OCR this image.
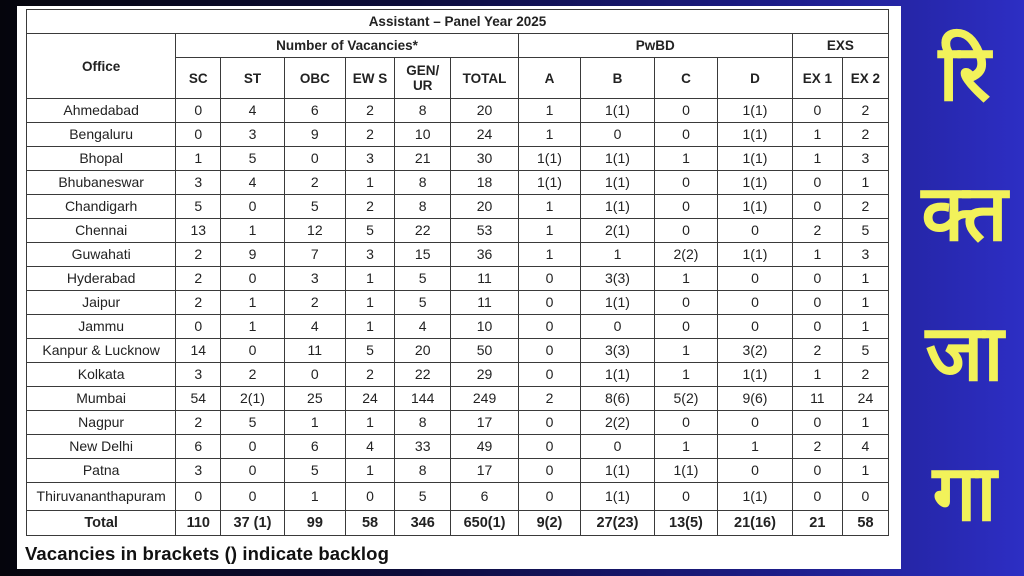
Assistant – Panel Year 2025												
Office	Number of Vacancies*						PwBD				EXS	
	SC	ST	OBC	EW S	GEN/ UR	TOTAL	A	B	C	D	EX 1	EX 2
Ahmedabad	0	4	6	2	8	20	1	1(1)	0	1(1)	0	2
Bengaluru	0	3	9	2	10	24	1	0	0	1(1)	1	2
Bhopal	1	5	0	3	21	30	1(1)	1(1)	1	1(1)	1	3
Bhubaneswar	3	4	2	1	8	18	1(1)	1(1)	0	1(1)	0	1
Chandigarh	5	0	5	2	8	20	1	1(1)	0	1(1)	0	2
Chennai	13	1	12	5	22	53	1	2(1)	0	0	2	5
Guwahati	2	9	7	3	15	36	1	1	2(2)	1(1)	1	3
Hyderabad	2	0	3	1	5	11	0	3(3)	1	0	0	1
Jaipur	2	1	2	1	5	11	0	1(1)	0	0	0	1
Jammu	0	1	4	1	4	10	0	0	0	0	0	1
Kanpur & Lucknow	14	0	11	5	20	50	0	3(3)	1	3(2)	2	5
Kolkata	3	2	0	2	22	29	0	1(1)	1	1(1)	1	2
Mumbai	54	2(1)	25	24	144	249	2	8(6)	5(2)	9(6)	11	24
Nagpur	2	5	1	1	8	17	0	2(2)	0	0	0	1
New Delhi	6	0	6	4	33	49	0	0	1	1	2	4
Patna	3	0	5	1	8	17	0	1(1)	1(1)	0	0	1
Thiruvananthapuram	0	0	1	0	5	6	0	1(1)	0	1(1)	0	0
Total	110	37 (1)	99	58	346	650(1)	9(2)	27(23)	13(5)	21(16)	21	58
Vacancies in brackets () indicate backlog
रि
क्त
जा
गा
